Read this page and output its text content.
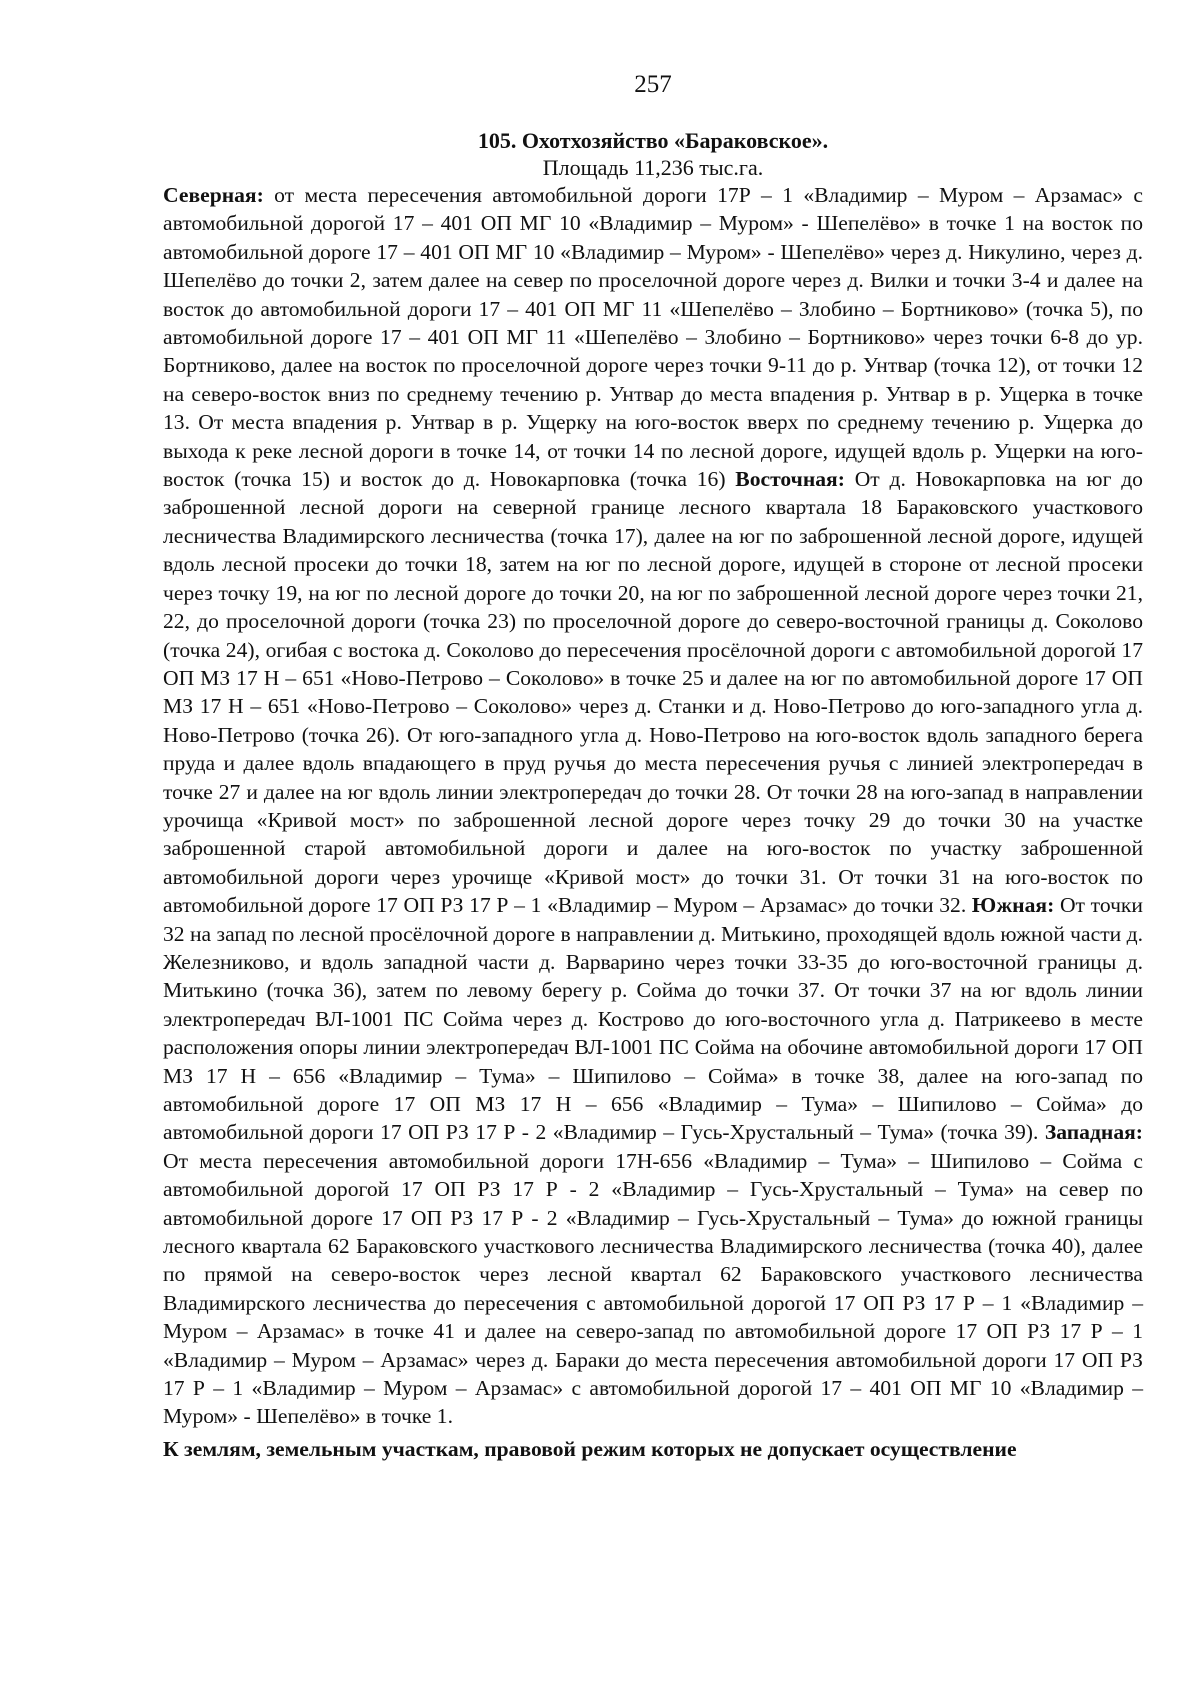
257
105. Охотхозяйство «Бараковское».
Площадь 11,236 тыс.га.

Северная: от места пересечения автомобильной дороги 17Р – 1 «Владимир – Муром – Арзамас» с автомобильной дорогой 17 – 401 ОП МГ 10 «Владимир – Муром» - Шепелёво» в точке 1 на восток по автомобильной дороге 17 – 401 ОП МГ 10 «Владимир – Муром» - Шепелёво» через д. Никулино, через д. Шепелёво до точки 2, затем далее на север по проселочной дороге через д. Вилки и точки 3-4 и далее на восток до автомобильной дороги 17 – 401 ОП МГ 11 «Шепелёво – Злобино – Бортниково» (точка 5), по автомобильной дороге 17 – 401 ОП МГ 11 «Шепелёво – Злобино – Бортниково» через точки 6-8 до ур. Бортниково, далее на восток по проселочной дороге через точки 9-11 до р. Унтвар (точка 12), от точки 12 на северо-восток вниз по среднему течению р. Унтвар до места впадения р. Унтвар в р. Ущерка в точке 13. От места впадения р. Унтвар в р. Ущерку на юго-восток вверх по среднему течению р. Ущерка до выхода к реке лесной дороги в точке 14, от точки 14 по лесной дороге, идущей вдоль р. Ущерки на юго-восток (точка 15) и восток до д. Новокарповка (точка 16) Восточная: От д. Новокарповка на юг до заброшенной лесной дороги на северной границе лесного квартала 18 Бараковского участкового лесничества Владимирского лесничества (точка 17), далее на юг по заброшенной лесной дороге, идущей вдоль лесной просеки до точки 18, затем на юг по лесной дороге, идущей в стороне от лесной просеки через точку 19, на юг по лесной дороге до точки 20, на юг по заброшенной лесной дороге через точки 21, 22, до проселочной дороги (точка 23) по проселочной дороге до северо-восточной границы д. Соколово (точка 24), огибая с востока д. Соколово до пересечения просёлочной дороги с автомобильной дорогой 17 ОП МЗ 17 Н – 651 «Ново-Петрово – Соколово» в точке 25 и далее на юг по автомобильной дороге 17 ОП МЗ 17 Н – 651 «Ново-Петрово – Соколово» через д. Станки и д. Ново-Петрово до юго-западного угла д. Ново-Петрово (точка 26). От юго-западного угла д. Ново-Петрово на юго-восток вдоль западного берега пруда и далее вдоль впадающего в пруд ручья до места пересечения ручья с линией электропередач в точке 27 и далее на юг вдоль линии электропередач до точки 28. От точки 28 на юго-запад в направлении урочища «Кривой мост» по заброшенной лесной дороге через точку 29 до точки 30 на участке заброшенной старой автомобильной дороги и далее на юго-восток по участку заброшенной автомобильной дороги через урочище «Кривой мост» до точки 31. От точки 31 на юго-восток по автомобильной дороге 17 ОП РЗ 17 Р – 1 «Владимир – Муром – Арзамас» до точки 32. Южная: От точки 32 на запад по лесной просёлочной дороге в направлении д. Митькино, проходящей вдоль южной части д. Железниково, и вдоль западной части д. Варварино через точки 33-35 до юго-восточной границы д. Митькино (точка 36), затем по левому берегу р. Сойма до точки 37. От точки 37 на юг вдоль линии электропередач ВЛ-1001 ПС Сойма через д. Кострово до юго-восточного угла д. Патрикеево в месте расположения опоры линии электропередач ВЛ-1001 ПС Сойма на обочине автомобильной дороги 17 ОП МЗ 17 Н – 656 «Владимир – Тума» – Шипилово – Сойма» в точке 38, далее на юго-запад по автомобильной дороге 17 ОП МЗ 17 Н – 656 «Владимир – Тума» – Шипилово – Сойма» до автомобильной дороги 17 ОП РЗ 17 Р - 2 «Владимир – Гусь-Хрустальный – Тума» (точка 39). Западная: От места пересечения автомобильной дороги 17Н-656 «Владимир – Тума» – Шипилово – Сойма с автомобильной дорогой 17 ОП РЗ 17 Р - 2 «Владимир – Гусь-Хрустальный – Тума» на север по автомобильной дороге 17 ОП РЗ 17 Р - 2 «Владимир – Гусь-Хрустальный – Тума» до южной границы лесного квартала 62 Бараковского участкового лесничества Владимирского лесничества (точка 40), далее по прямой на северо-восток через лесной квартал 62 Бараковского участкового лесничества Владимирского лесничества до пересечения с автомобильной дорогой 17 ОП РЗ 17 Р – 1 «Владимир – Муром – Арзамас» в точке 41 и далее на северо-запад по автомобильной дороге 17 ОП РЗ 17 Р – 1 «Владимир – Муром – Арзамас» через д. Бараки до места пересечения автомобильной дороги 17 ОП РЗ 17 Р – 1 «Владимир – Муром – Арзамас» с автомобильной дорогой 17 – 401 ОП МГ 10 «Владимир – Муром» - Шепелёво» в точке 1.

К землям, земельным участкам, правовой режим которых не допускает осуществление
